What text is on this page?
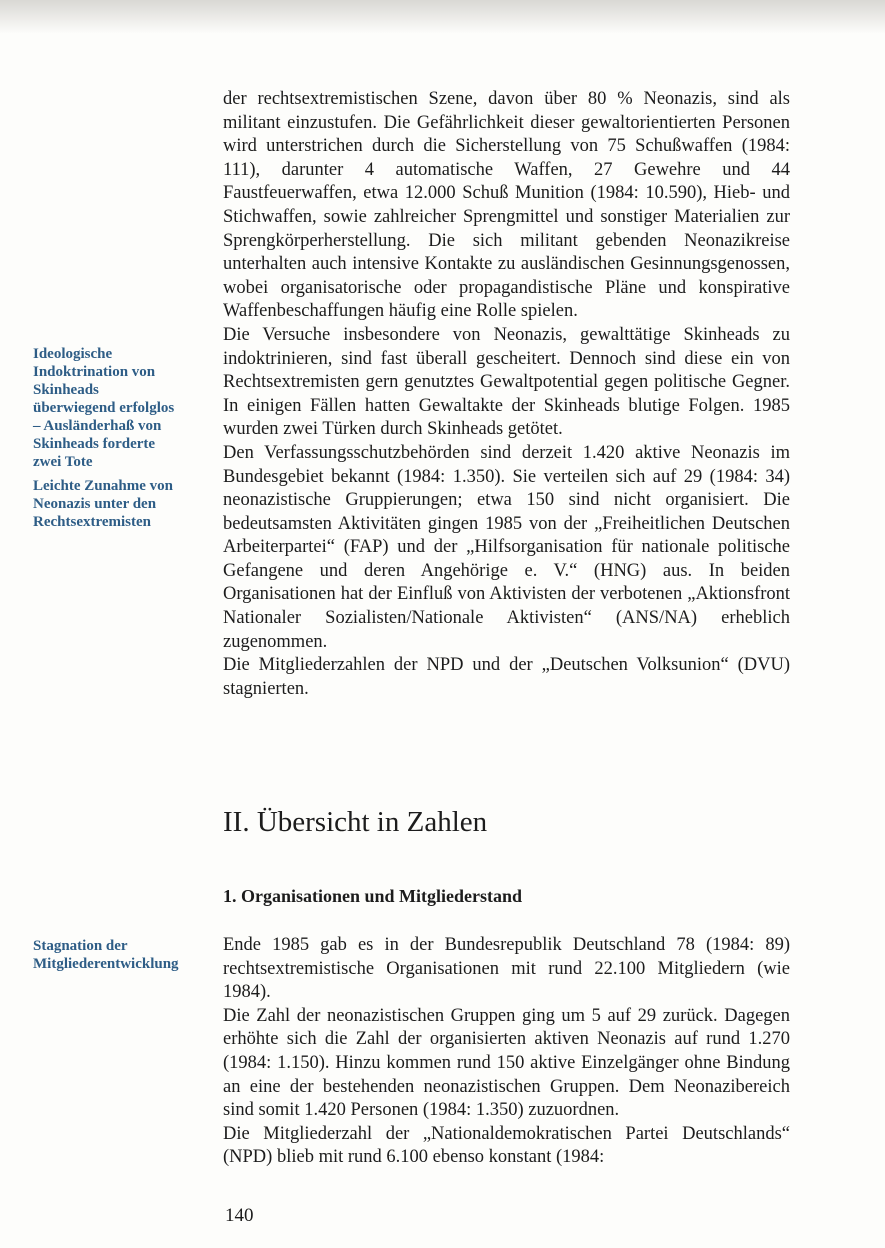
Ideologische Indoktrination von Skinheads überwiegend erfolglos – Ausländerhaß von Skinheads forderte zwei Tote

Leichte Zunahme von Neonazis unter den Rechtsextremisten

der rechtsextremistischen Szene, davon über 80 % Neonazis, sind als militant einzustufen. Die Gefährlichkeit dieser gewaltorientierten Personen wird unterstrichen durch die Sicherstellung von 75 Schußwaffen (1984: 111), darunter 4 automatische Waffen, 27 Gewehre und 44 Faustfeuerwaffen, etwa 12.000 Schuß Munition (1984: 10.590), Hieb- und Stichwaffen, sowie zahlreicher Sprengmittel und sonstiger Materialien zur Sprengkörperherstellung. Die sich militant gebenden Neonazikreise unterhalten auch intensive Kontakte zu ausländischen Gesinnungsgenossen, wobei organisatorische oder propagandistische Pläne und konspirative Waffenbeschaffungen häufig eine Rolle spielen.

Die Versuche insbesondere von Neonazis, gewalttätige Skinheads zu indoktrinieren, sind fast überall gescheitert. Dennoch sind diese ein von Rechtsextremisten gern genutztes Gewaltpotential gegen politische Gegner. In einigen Fällen hatten Gewaltakte der Skinheads blutige Folgen. 1985 wurden zwei Türken durch Skinheads getötet.

Den Verfassungsschutzbehörden sind derzeit 1.420 aktive Neonazis im Bundesgebiet bekannt (1984: 1.350). Sie verteilen sich auf 29 (1984: 34) neonazistische Gruppierungen; etwa 150 sind nicht organisiert. Die bedeutsamsten Aktivitäten gingen 1985 von der „Freiheitlichen Deutschen Arbeiterpartei“ (FAP) und der „Hilfsorganisation für nationale politische Gefangene und deren Angehörige e. V.“ (HNG) aus. In beiden Organisationen hat der Einfluß von Aktivisten der verbotenen „Aktionsfront Nationaler Sozialisten/Nationale Aktivisten“ (ANS/NA) erheblich zugenommen.

Die Mitgliederzahlen der NPD und der „Deutschen Volksunion“ (DVU) stagnierten.

II. Übersicht in Zahlen
1. Organisationen und Mitgliederstand

Stagnation der Mitgliederentwicklung

Ende 1985 gab es in der Bundesrepublik Deutschland 78 (1984: 89) rechtsextremistische Organisationen mit rund 22.100 Mitgliedern (wie 1984).

Die Zahl der neonazistischen Gruppen ging um 5 auf 29 zurück. Dagegen erhöhte sich die Zahl der organisierten aktiven Neonazis auf rund 1.270 (1984: 1.150). Hinzu kommen rund 150 aktive Einzelgänger ohne Bindung an eine der bestehenden neonazistischen Gruppen. Dem Neonazibereich sind somit 1.420 Personen (1984: 1.350) zuzuordnen.

Die Mitgliederzahl der „Nationaldemokratischen Partei Deutschlands“ (NPD) blieb mit rund 6.100 ebenso konstant (1984:

140
